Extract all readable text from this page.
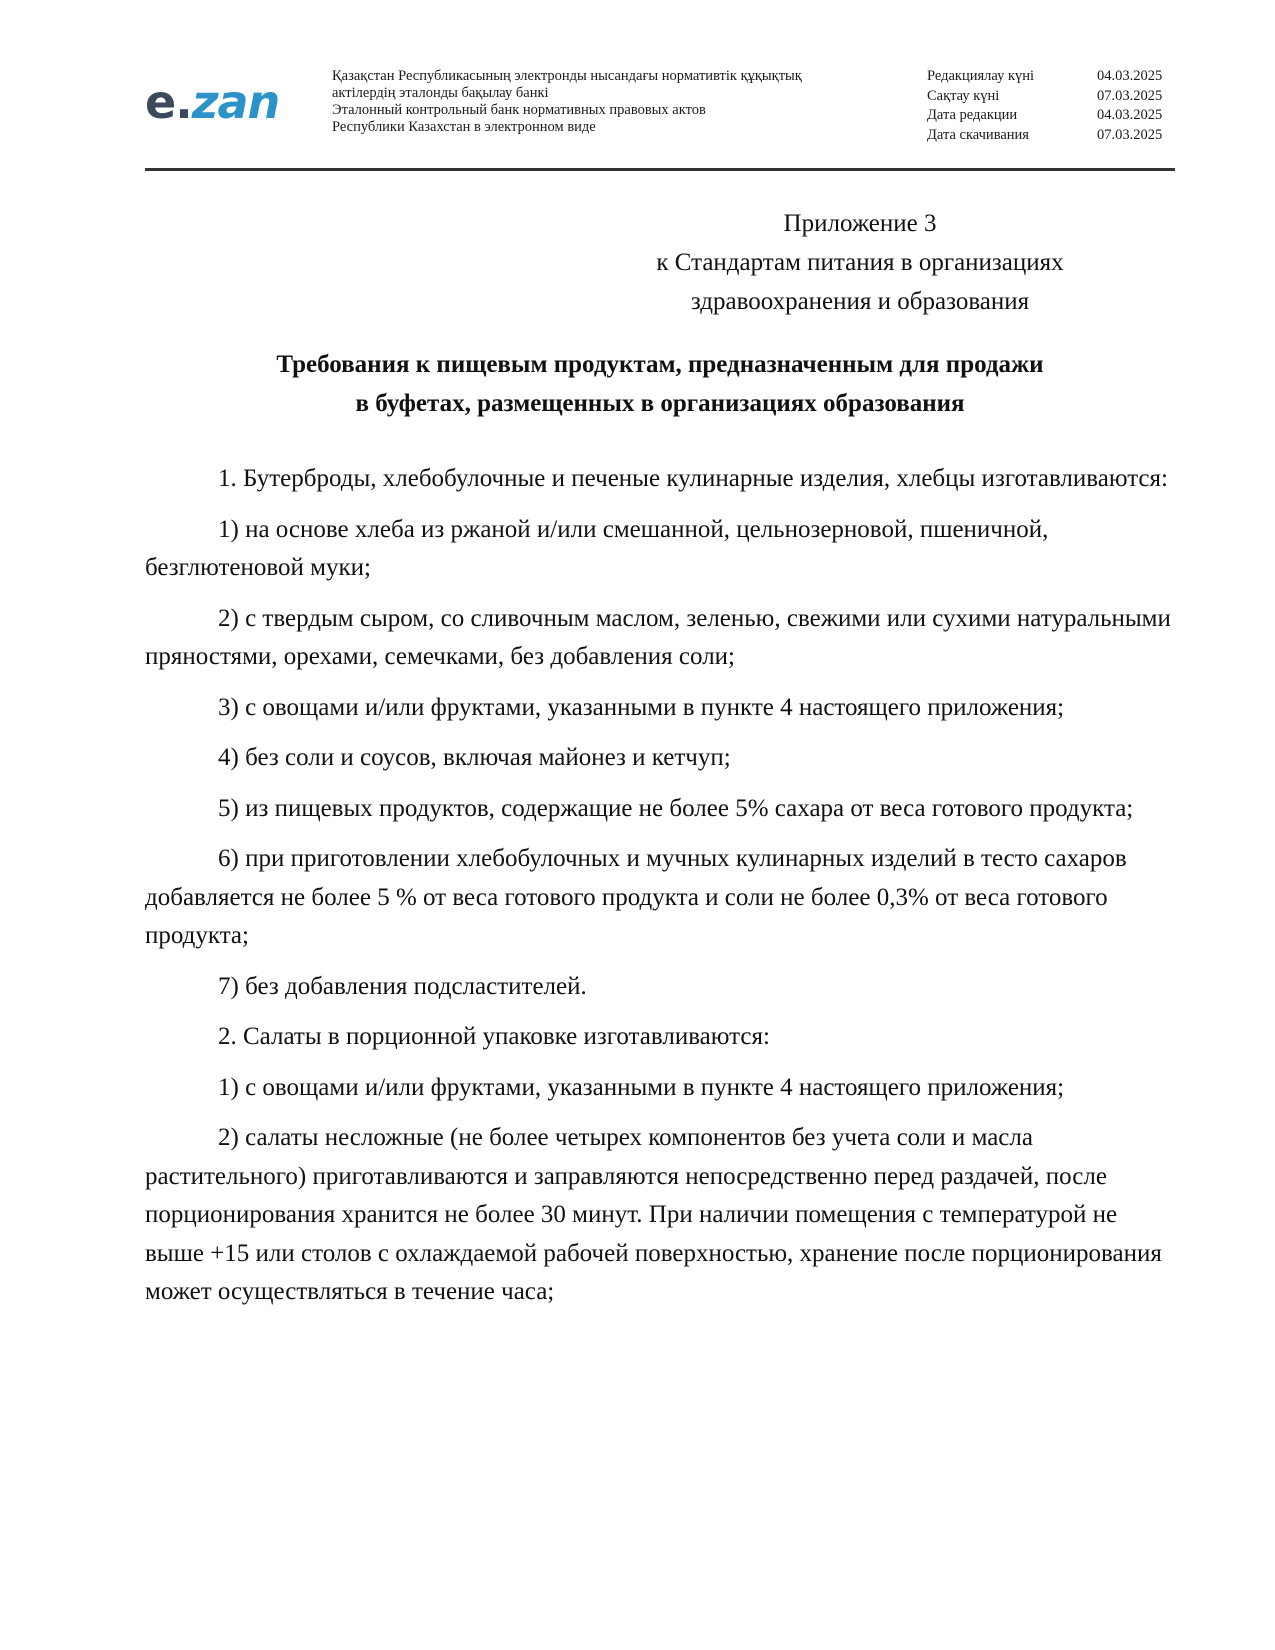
e . zan	Қазақстан Республикасының электронды нысандағы нормативтік құқықтық
актілердің эталонды бақылау банкі
Эталонный контрольный банк нормативных правовых актов
Республики Казахстан в электронном виде
Редакциялау күні	04.03.2025
Сақтау күні	07.03.2025
Дата редакции	04.03.2025
Дата скачивания	07.03.2025
Приложение 3
к Стандартам питания в организациях
здравоохранения и образования
Требования к пищевым продуктам, предназначенным для продажи
в буфетах, размещенных в организациях образования

1. Бутерброды, хлебобулочные и печеные кулинарные изделия, хлебцы изготавливаются:

1) на основе хлеба из ржаной и/или смешанной, цельнозерновой, пшеничной, безглютеновой муки;

2) с твердым сыром, со сливочным маслом, зеленью, свежими или сухими натуральными пряностями, орехами, семечками, без добавления соли;

3) с овощами и/или фруктами, указанными в пункте 4 настоящего приложения;

4) без соли и соусов, включая майонез и кетчуп;

5) из пищевых продуктов, содержащие не более 5% сахара от веса готового продукта;

6) при приготовлении хлебобулочных и мучных кулинарных изделий в тесто сахаров добавляется не более 5 % от веса готового продукта и соли не более 0,3% от веса готового продукта;

7) без добавления подсластителей.

2. Салаты в порционной упаковке изготавливаются:

1) с овощами и/или фруктами, указанными в пункте 4 настоящего приложения;

2) салаты несложные (не более четырех компонентов без учета соли и масла растительного) приготавливаются и заправляются непосредственно перед раздачей, после порционирования хранится не более 30 минут. При наличии помещения с температурой не выше +15 или столов с охлаждаемой рабочей поверхностью, хранение после порционирования может осуществляться в течение часа;
